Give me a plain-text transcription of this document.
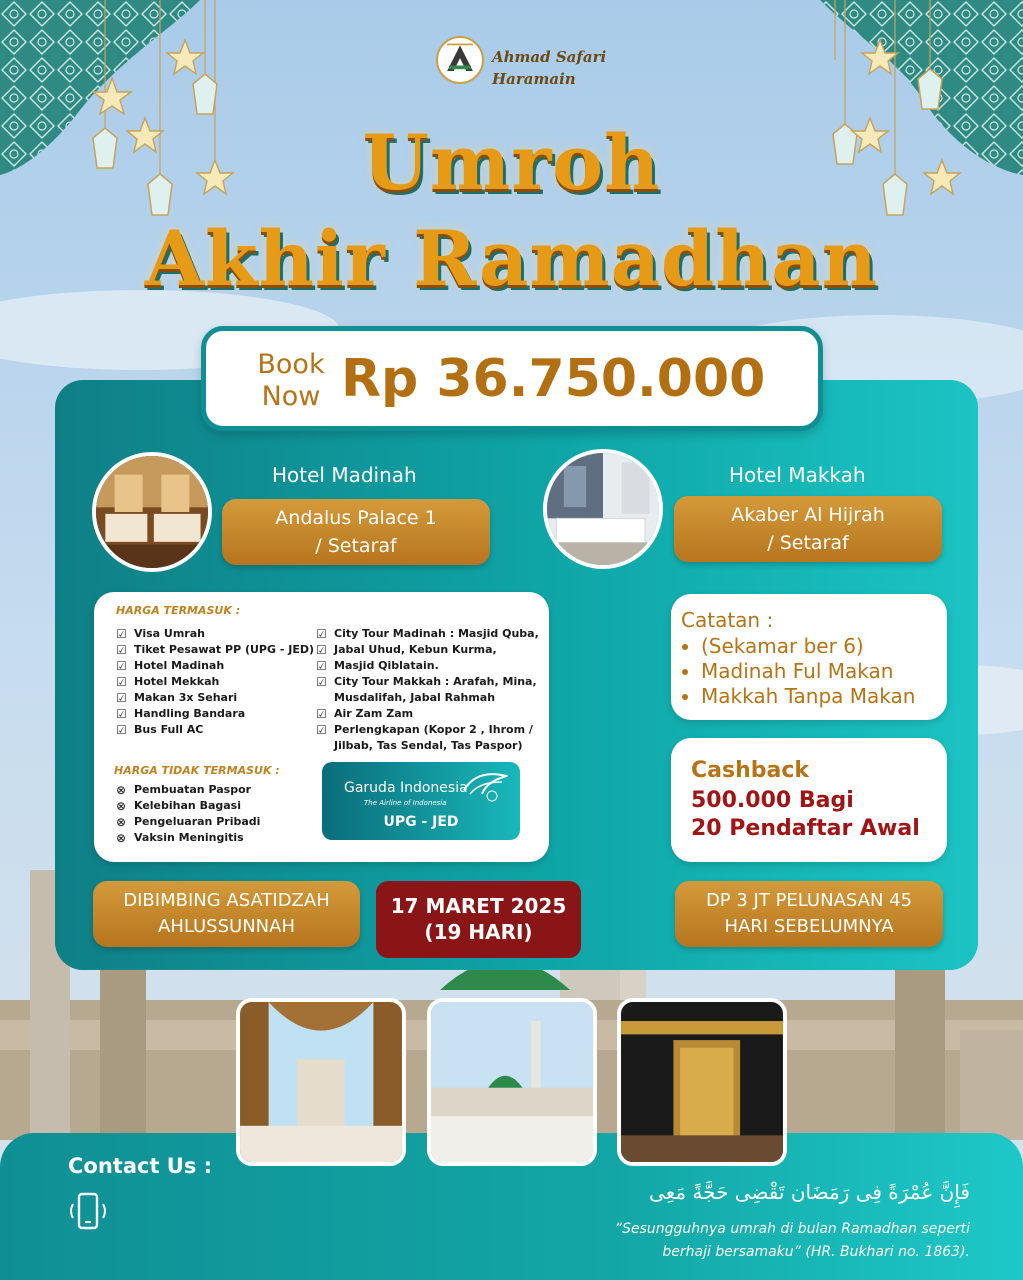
Ahmad Safari
Haramain
Umroh
Akhir Ramadhan
Book
Now Rp 36.750.000
Hotel Madinah
Andalus Palace 1
/ Setaraf
Hotel Makkah
Akaber Al Hijrah
/ Setaraf
HARGA TERMASUK :
☑ Visa Umrah
☑ Tiket Pesawat PP (UPG - JED)
☑ Hotel Madinah
☑ Hotel Mekkah
☑ Makan 3x Sehari
☑ Handling Bandara
☑ Bus Full AC
☑ City Tour Madinah : Masjid Quba,
☑ Jabal Uhud, Kebun Kurma,
☑ Masjid Qiblatain.
☑ City Tour Makkah : Arafah, Mina,
Musdalifah, Jabal Rahmah
☑ Air Zam Zam
☑ Perlengkapan (Kopor 2 , Ihrom /
Jilbab, Tas Sendal, Tas Paspor)
HARGA TIDAK TERMASUK :
⊗ Pembuatan Paspor
⊗ Kelebihan Bagasi
⊗ Pengeluaran Pribadi
⊗ Vaksin Meningitis
Garuda Indonesia
The Airline of Indonesia
UPG - JED
Catatan :
• (Sekamar ber 6)
• Madinah Ful Makan
• Makkah Tanpa Makan
Cashback
500.000 Bagi
20 Pendaftar Awal
DIBIMBING ASATIDZAH
AHLUSSUNNAH
17 MARET 2025
(19 HARI)
DP 3 JT PELUNASAN 45
HARI SEBELUMNYA
Contact Us :
فَإِنَّ عُمْرَةً فِى رَمَضَان تَقْضِى حَجَّةً مَعِى
“Sesungguhnya umrah di bulan Ramadhan seperti
berhaji bersamaku” (HR. Bukhari no. 1863).
